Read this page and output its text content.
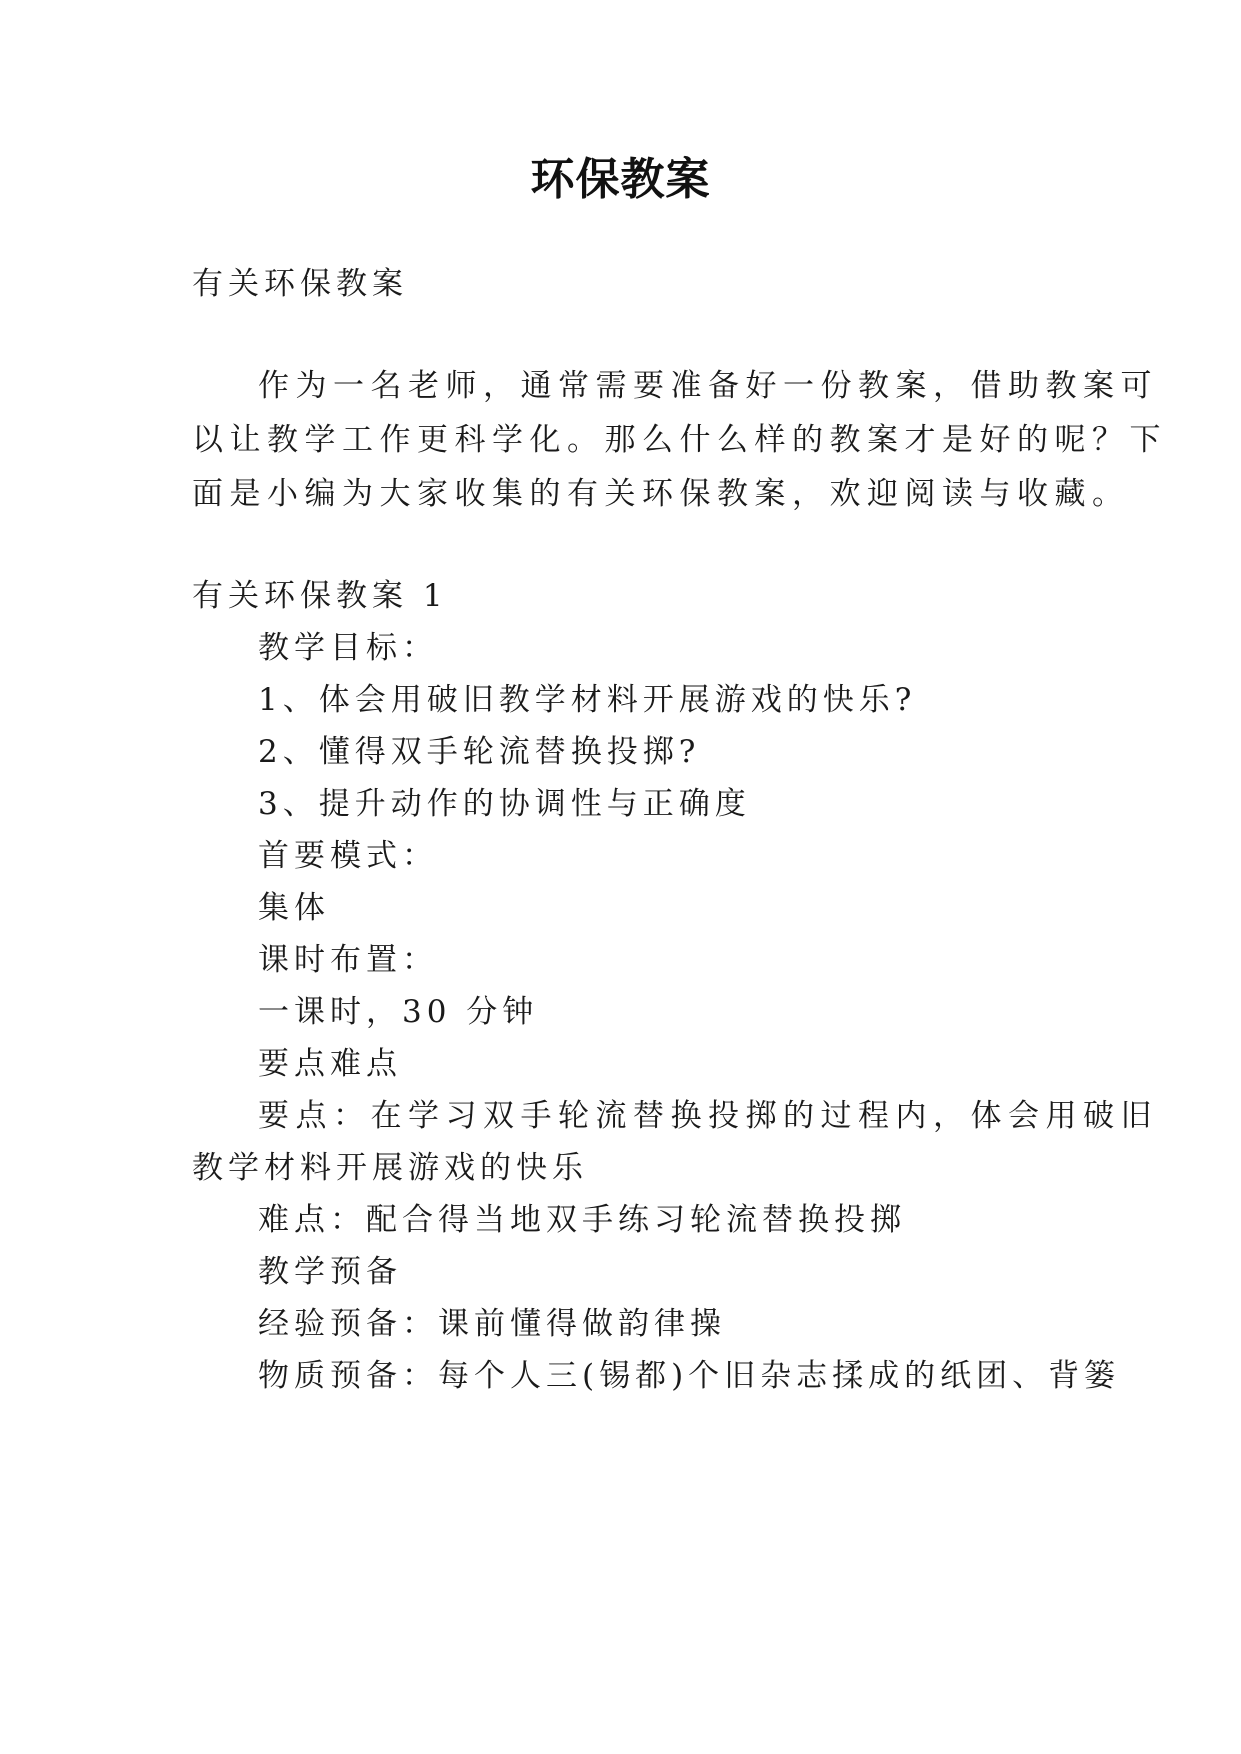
环保教案
有关环保教案
作为一名老师，通常需要准备好一份教案，借助教案可
以让教学工作更科学化。那么什么样的教案才是好的呢？下
面是小编为大家收集的有关环保教案，欢迎阅读与收藏。
有关环保教案 1
教学目标：
1、体会用破旧教学材料开展游戏的快乐?
2、懂得双手轮流替换投掷?
3、提升动作的协调性与正确度
首要模式：
集体
课时布置：
一课时，30 分钟
要点难点
要点：在学习双手轮流替换投掷的过程内，体会用破旧
教学材料开展游戏的快乐
难点：配合得当地双手练习轮流替换投掷
教学预备
经验预备：课前懂得做韵律操
物质预备：每个人三(锡都)个旧杂志揉成的纸团、背篓
